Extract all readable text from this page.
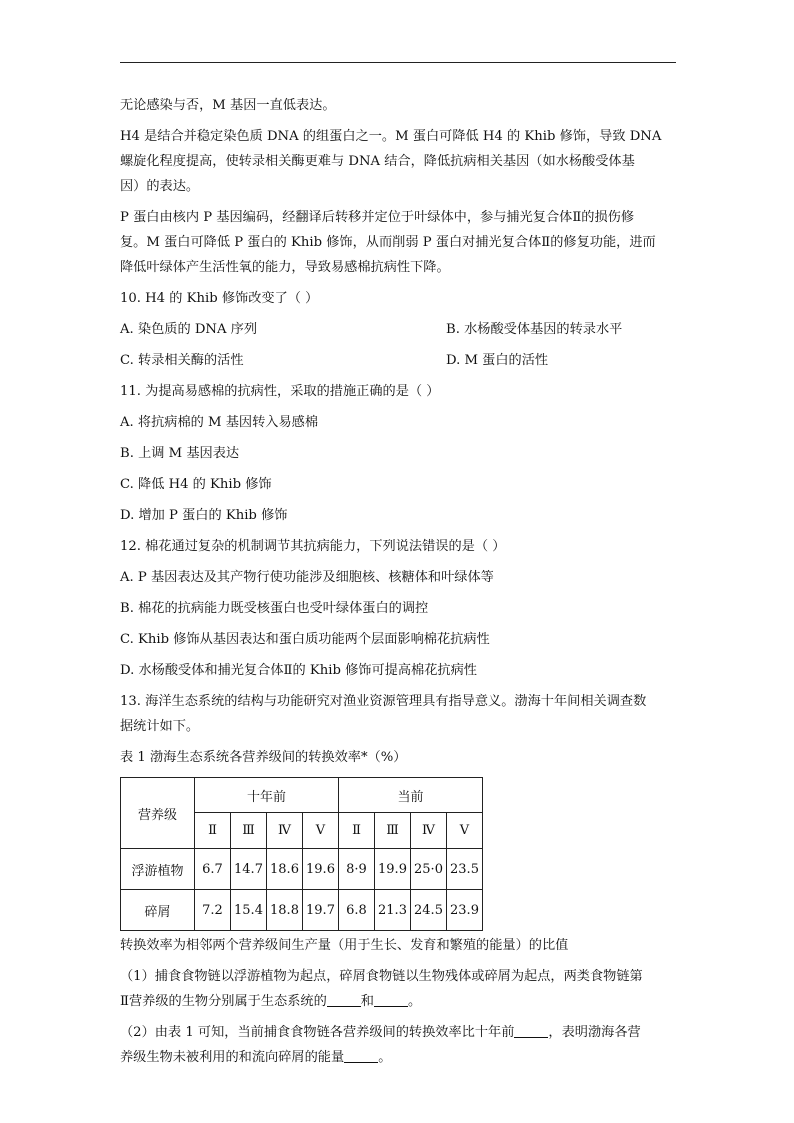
无论感染与否，M 基因一直低表达。
H4 是结合并稳定染色质 DNA 的组蛋白之一。M 蛋白可降低 H4 的 Khib 修饰，导致 DNA
螺旋化程度提高，使转录相关酶更难与 DNA 结合，降低抗病相关基因（如水杨酸受体基
因）的表达。
P 蛋白由核内 P 基因编码，经翻译后转移并定位于叶绿体中，参与捕光复合体Ⅱ的损伤修
复。M 蛋白可降低 P 蛋白的 Khib 修饰，从而削弱 P 蛋白对捕光复合体Ⅱ的修复功能，进而
降低叶绿体产生活性氧的能力，导致易感棉抗病性下降。
10. H4 的 Khib 修饰改变了（ ）
A. 染色质的 DNA 序列	B. 水杨酸受体基因的转录水平
C. 转录相关酶的活性	D. M 蛋白的活性
11. 为提高易感棉的抗病性，采取的措施正确的是（ ）
A. 将抗病棉的 M 基因转入易感棉
B. 上调 M 基因表达
C. 降低 H4 的 Khib 修饰
D. 增加 P 蛋白的 Khib 修饰
12. 棉花通过复杂的机制调节其抗病能力，下列说法错误的是（ ）
A. P 基因表达及其产物行使功能涉及细胞核、核糖体和叶绿体等
B. 棉花的抗病能力既受核蛋白也受叶绿体蛋白的调控
C. Khib 修饰从基因表达和蛋白质功能两个层面影响棉花抗病性
D. 水杨酸受体和捕光复合体Ⅱ的 Khib 修饰可提高棉花抗病性
13. 海洋生态系统的结构与功能研究对渔业资源管理具有指导意义。渤海十年间相关调查数
据统计如下。
表 1 渤海生态系统各营养级间的转换效率*（%）
营养级	十年前				当前			
	Ⅱ	Ⅲ	Ⅳ	Ⅴ	Ⅱ	Ⅲ	Ⅳ	Ⅴ
浮游植物	6.7	14.7	18.6	19.6	8·9	19.9	25·0	23.5
碎屑	7.2	15.4	18.8	19.7	6.8	21.3	24.5	23.9
转换效率为相邻两个营养级间生产量（用于生长、发育和繁殖的能量）的比值
（1）捕食食物链以浮游植物为起点，碎屑食物链以生物残体或碎屑为起点，两类食物链第
Ⅱ营养级的生物分别属于生态系统的	和	。
（2）由表 1 可知，当前捕食食物链各营养级间的转换效率比十年前	，表明渤海各营
养级生物未被利用的和流向碎屑的能量	。
